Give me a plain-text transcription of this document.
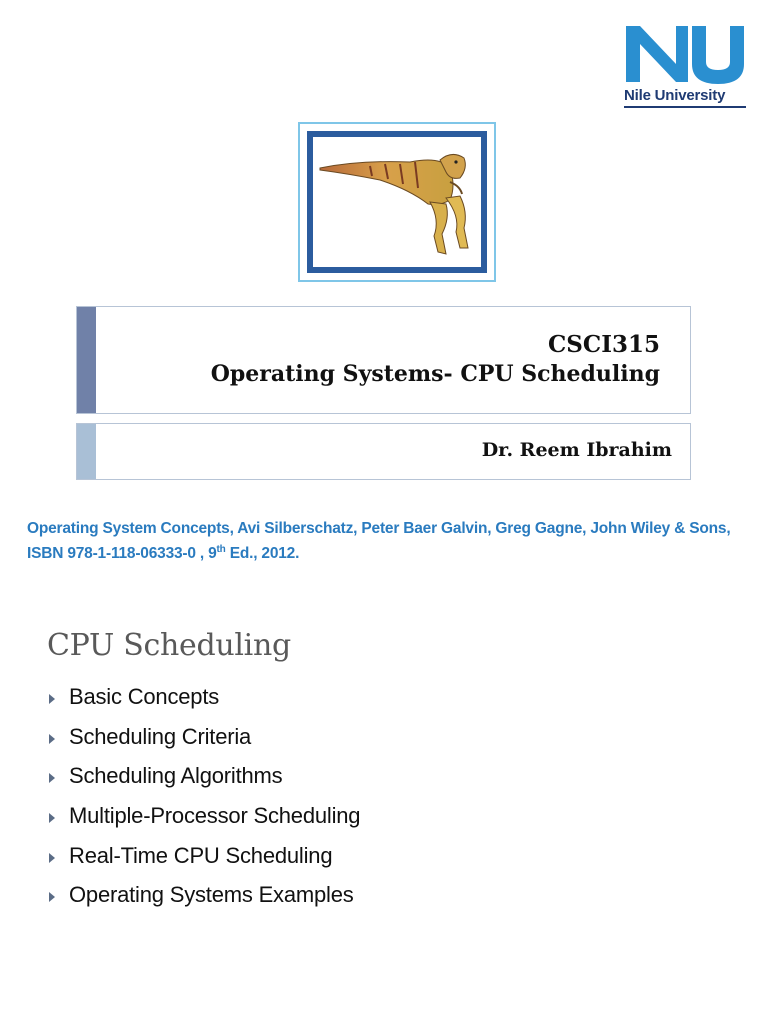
Nile University
CSCI315
Operating Systems- CPU Scheduling
Dr. Reem Ibrahim
Operating System Concepts, Avi Silberschatz, Peter Baer Galvin, Greg Gagne, John Wiley & Sons, ISBN 978-1-118-06333-0 , 9th Ed., 2012.
CPU Scheduling
Basic Concepts
Scheduling Criteria
Scheduling Algorithms
Multiple-Processor Scheduling
Real-Time CPU Scheduling
Operating Systems Examples
